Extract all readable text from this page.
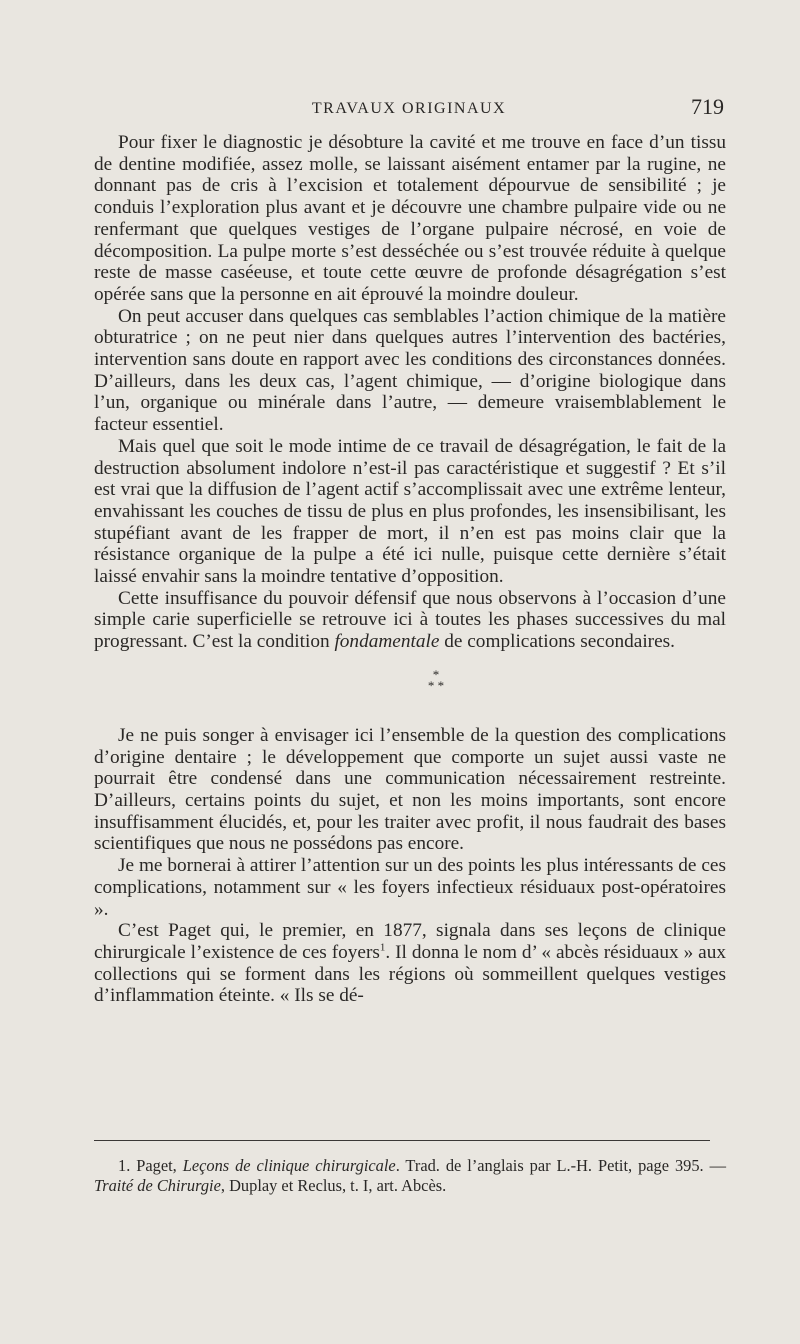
TRAVAUX ORIGINAUX	719

Pour fixer le diagnostic je désobture la cavité et me trouve en face d’un tissu de dentine modifiée, assez molle, se laissant aisément entamer par la rugine, ne donnant pas de cris à l’excision et totalement dépourvue de sensibilité ; je conduis l’exploration plus avant et je découvre une chambre pulpaire vide ou ne renfermant que quelques vestiges de l’organe pulpaire nécrosé, en voie de décomposition. La pulpe morte s’est desséchée ou s’est trouvée réduite à quelque reste de masse caséeuse, et toute cette œuvre de profonde désagrégation s’est opérée sans que la personne en ait éprouvé la moindre douleur.

On peut accuser dans quelques cas semblables l’action chimique de la matière obturatrice ; on ne peut nier dans quelques autres l’intervention des bactéries, intervention sans doute en rapport avec les conditions des circonstances données. D’ailleurs, dans les deux cas, l’agent chimique, — d’origine biologique dans l’un, organique ou minérale dans l’autre, — demeure vraisemblablement le facteur essentiel.

Mais quel que soit le mode intime de ce travail de désagrégation, le fait de la destruction absolument indolore n’est-il pas caractéristique et suggestif ? Et s’il est vrai que la diffusion de l’agent actif s’accomplissait avec une extrême lenteur, envahissant les couches de tissu de plus en plus profondes, les insensibilisant, les stupéfiant avant de les frapper de mort, il n’en est pas moins clair que la résistance organique de la pulpe a été ici nulle, puisque cette dernière s’était laissé envahir sans la moindre tentative d’opposition.

Cette insuffisance du pouvoir défensif que nous observons à l’occasion d’une simple carie superficielle se retrouve ici à toutes les phases successives du mal progressant. C’est la condition fondamentale de complications secondaires.

*
* *

Je ne puis songer à envisager ici l’ensemble de la question des complications d’origine dentaire ; le développement que comporte un sujet aussi vaste ne pourrait être condensé dans une communication nécessairement restreinte. D’ailleurs, certains points du sujet, et non les moins importants, sont encore insuffisamment élucidés, et, pour les traiter avec profit, il nous faudrait des bases scientifiques que nous ne possédons pas encore.

Je me bornerai à attirer l’attention sur un des points les plus intéressants de ces complications, notamment sur « les foyers infectieux résiduaux post-opératoires ».

C’est Paget qui, le premier, en 1877, signala dans ses leçons de clinique chirurgicale l’existence de ces foyers$^1$. Il donna le nom d’ « abcès résiduaux » aux collections qui se forment dans les régions où sommeillent quelques vestiges d’inflammation éteinte. « Ils se dé-

1. Paget, Leçons de clinique chirurgicale. Trad. de l’anglais par L.-H. Petit, page 395. — Traité de Chirurgie, Duplay et Reclus, t. I, art. Abcès.
